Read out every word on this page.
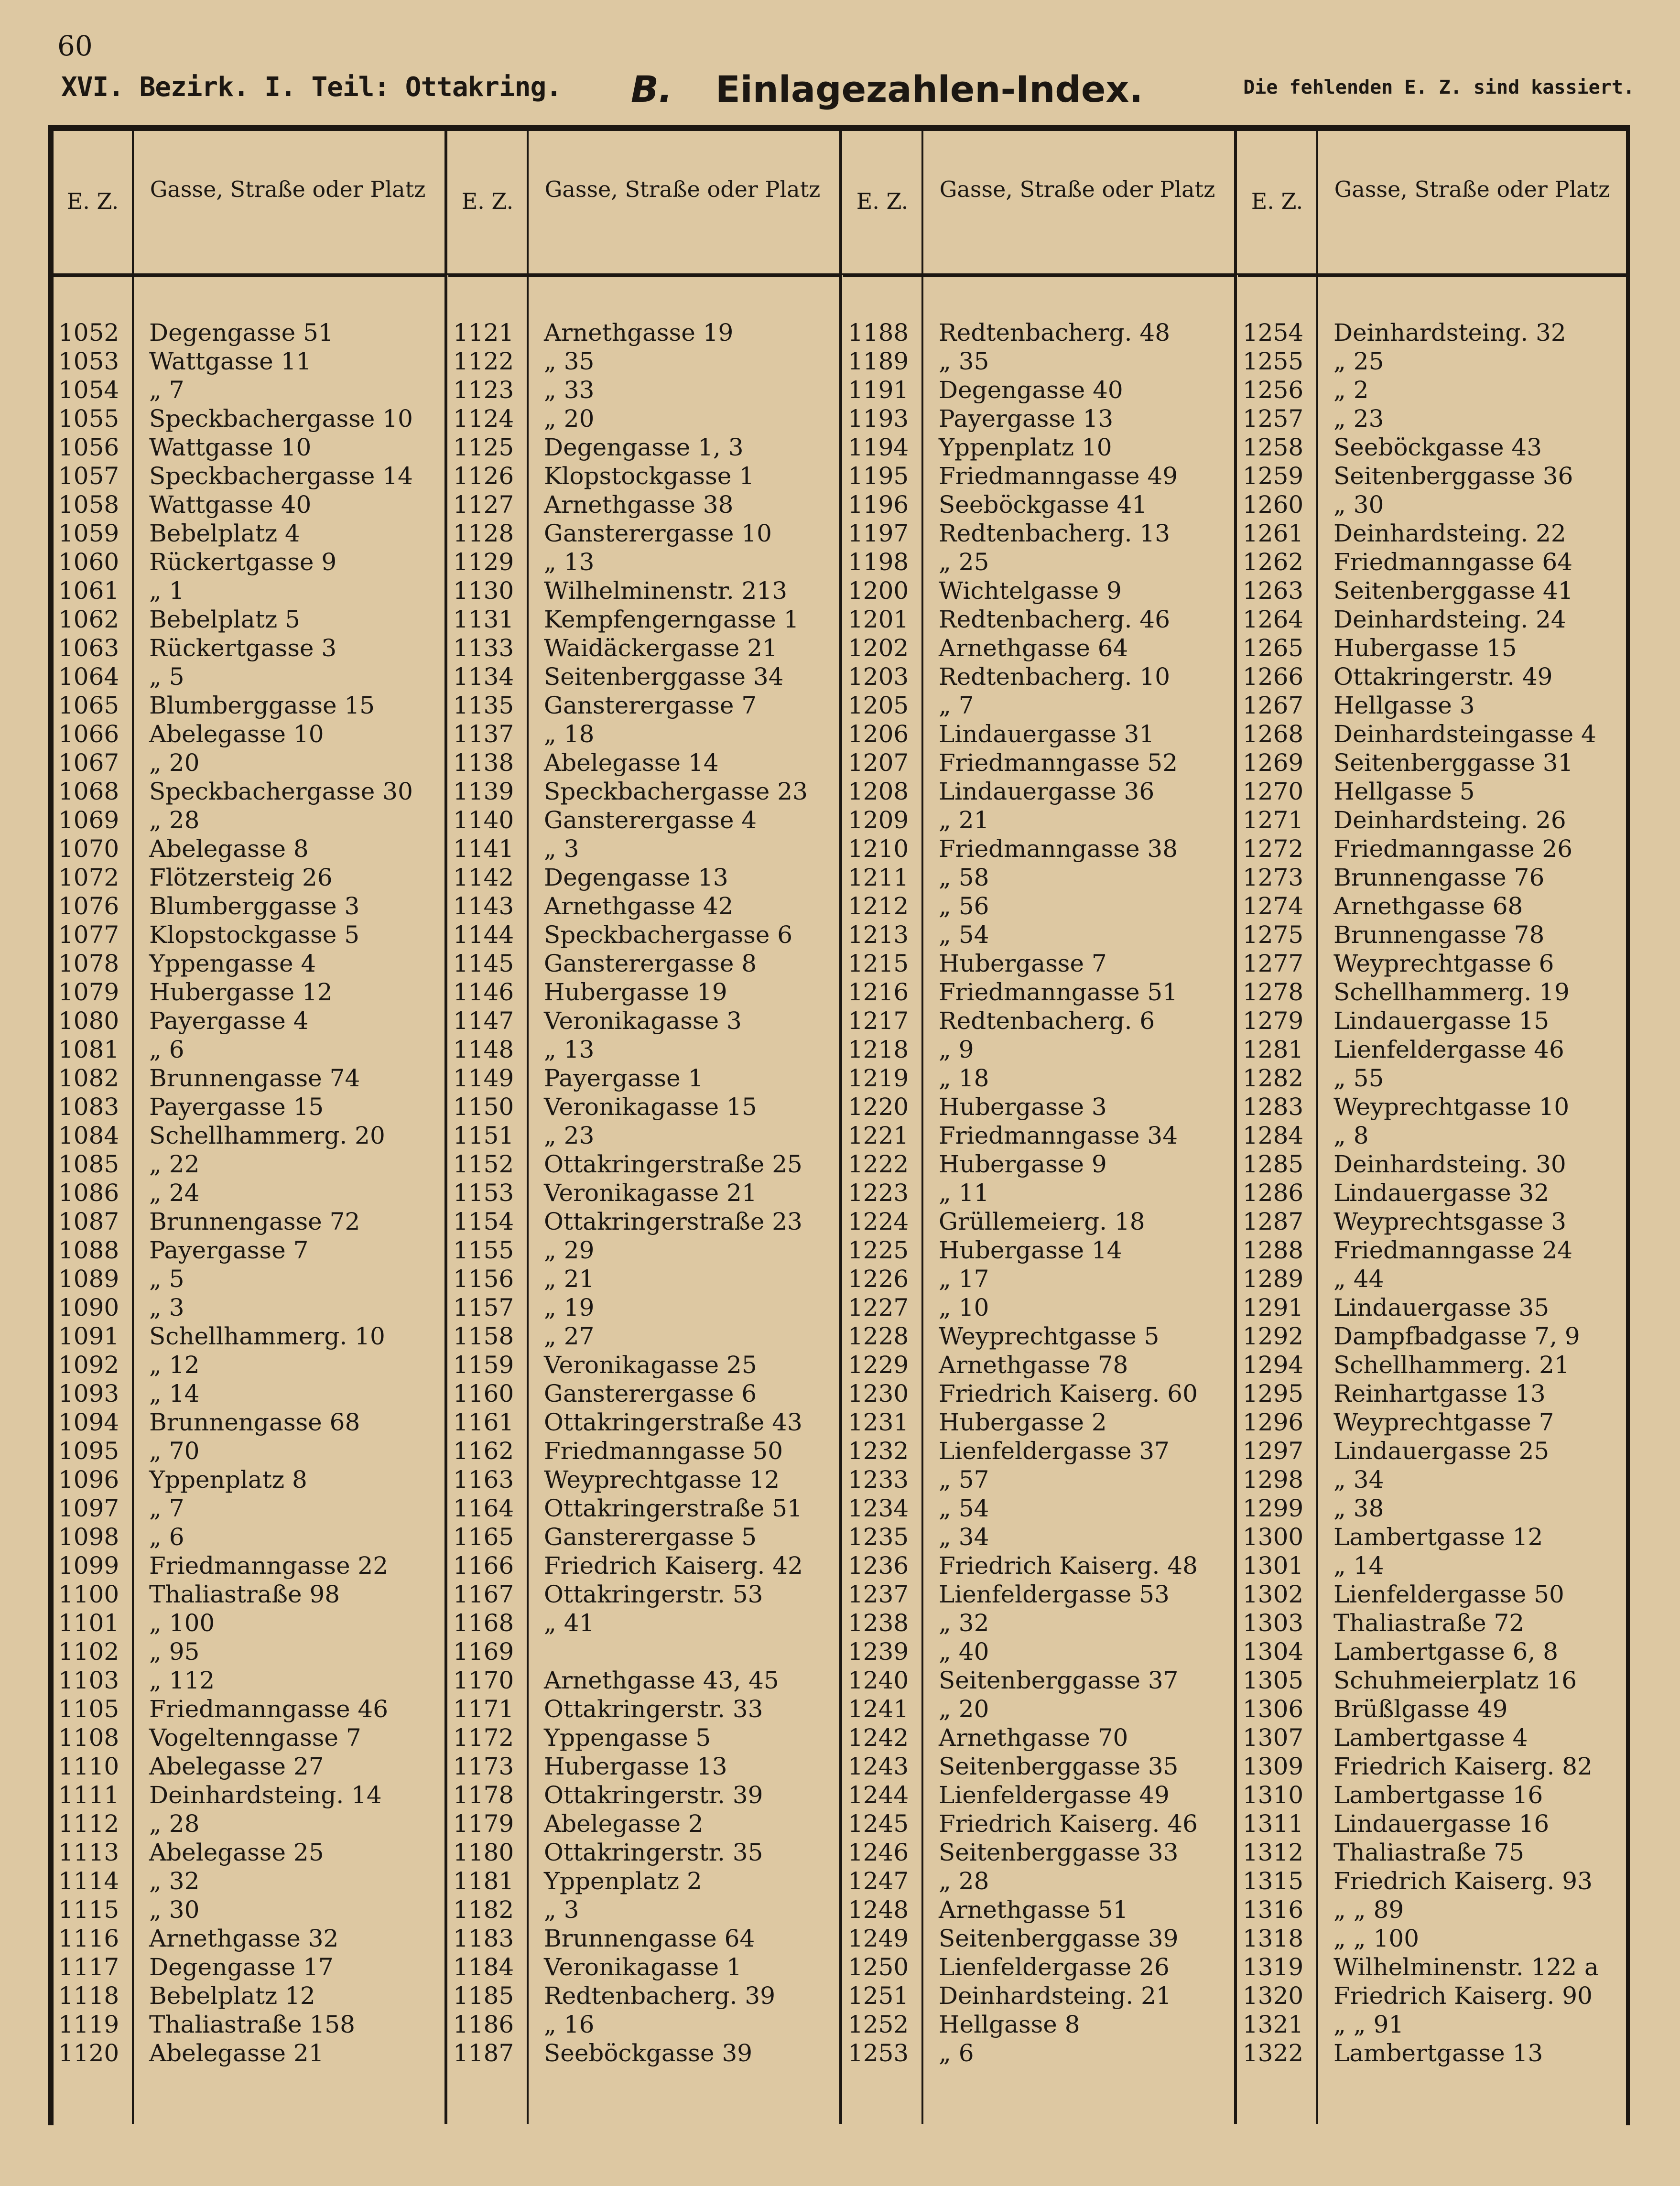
60
XVI. Bezirk. I. Teil: Ottakring. B. Einlagezahlen-Index.	Die fehlenden E. Z. sind kassiert.
E. Z.	Gasse, Straße oder Platz
1052	Degengasse 51
1053	Wattgasse 11
1054	„ 7
1055	Speckbachergasse 10
1056	Wattgasse 10
1057	Speckbachergasse 14
1058	Wattgasse 40
1059	Bebelplatz 4
1060	Rückertgasse 9
1061	„ 1
1062	Bebelplatz 5
1063	Rückertgasse 3
1064	„ 5
1065	Blumberggasse 15
1066	Abelegasse 10
1067	„ 20
1068	Speckbachergasse 30
1069	„ 28
1070	Abelegasse 8
1072	Flötzersteig 26
1076	Blumberggasse 3
1077	Klopstockgasse 5
1078	Yppengasse 4
1079	Hubergasse 12
1080	Payergasse 4
1081	„ 6
1082	Brunnengasse 74
1083	Payergasse 15
1084	Schellhammerg. 20
1085	„ 22
1086	„ 24
1087	Brunnengasse 72
1088	Payergasse 7
1089	„ 5
1090	„ 3
1091	Schellhammerg. 10
1092	„ 12
1093	„ 14
1094	Brunnengasse 68
1095	„ 70
1096	Yppenplatz 8
1097	„ 7
1098	„ 6
1099	Friedmanngasse 22
1100	Thaliastraße 98
1101	„ 100
1102	„ 95
1103	„ 112
1105	Friedmanngasse 46
1108	Vogeltenngasse 7
1110	Abelegasse 27
1111	Deinhardsteing. 14
1112	„ 28
1113	Abelegasse 25
1114	„ 32
1115	„ 30
1116	Arnethgasse 32
1117	Degengasse 17
1118	Bebelplatz 12
1119	Thaliastraße 158
1120	Abelegasse 21
E. Z.	Gasse, Straße oder Platz
1121	Arnethgasse 19
1122	„ 35
1123	„ 33
1124	„ 20
1125	Degengasse 1, 3
1126	Klopstockgasse 1
1127	Arnethgasse 38
1128	Gansterergasse 10
1129	„ 13
1130	Wilhelminenstr. 213
1131	Kempfengerngasse 1
1133	Waidäckergasse 21
1134	Seitenberggasse 34
1135	Gansterergasse 7
1137	„ 18
1138	Abelegasse 14
1139	Speckbachergasse 23
1140	Gansterergasse 4
1141	„ 3
1142	Degengasse 13
1143	Arnethgasse 42
1144	Speckbachergasse 6
1145	Gansterergasse 8
1146	Hubergasse 19
1147	Veronikagasse 3
1148	„ 13
1149	Payergasse 1
1150	Veronikagasse 15
1151	„ 23
1152	Ottakringerstraße 25
1153	Veronikagasse 21
1154	Ottakringerstraße 23
1155	„ 29
1156	„ 21
1157	„ 19
1158	„ 27
1159	Veronikagasse 25
1160	Gansterergasse 6
1161	Ottakringerstraße 43
1162	Friedmanngasse 50
1163	Weyprechtgasse 12
1164	Ottakringerstraße 51
1165	Gansterergasse 5
1166	Friedrich Kaiserg. 42
1167	Ottakringerstr. 53
1168	„ 41
1169
1170	Arnethgasse 43, 45
1171	Ottakringerstr. 33
1172	Yppengasse 5
1173	Hubergasse 13
1178	Ottakringerstr. 39
1179	Abelegasse 2
1180	Ottakringerstr. 35
1181	Yppenplatz 2
1182	„ 3
1183	Brunnengasse 64
1184	Veronikagasse 1
1185	Redtenbacherg. 39
1186	„ 16
1187	Seeböckgasse 39
E. Z.	Gasse, Straße oder Platz
1188	Redtenbacherg. 48
1189	„ 35
1191	Degengasse 40
1193	Payergasse 13
1194	Yppenplatz 10
1195	Friedmanngasse 49
1196	Seeböckgasse 41
1197	Redtenbacherg. 13
1198	„ 25
1200	Wichtelgasse 9
1201	Redtenbacherg. 46
1202	Arnethgasse 64
1203	Redtenbacherg. 10
1205	„ 7
1206	Lindauergasse 31
1207	Friedmanngasse 52
1208	Lindauergasse 36
1209	„ 21
1210	Friedmanngasse 38
1211	„ 58
1212	„ 56
1213	„ 54
1215	Hubergasse 7
1216	Friedmanngasse 51
1217	Redtenbacherg. 6
1218	„ 9
1219	„ 18
1220	Hubergasse 3
1221	Friedmanngasse 34
1222	Hubergasse 9
1223	„ 11
1224	Grüllemeierg. 18
1225	Hubergasse 14
1226	„ 17
1227	„ 10
1228	Weyprechtgasse 5
1229	Arnethgasse 78
1230	Friedrich Kaiserg. 60
1231	Hubergasse 2
1232	Lienfeldergasse 37
1233	„ 57
1234	„ 54
1235	„ 34
1236	Friedrich Kaiserg. 48
1237	Lienfeldergasse 53
1238	„ 32
1239	„ 40
1240	Seitenberggasse 37
1241	„ 20
1242	Arnethgasse 70
1243	Seitenberggasse 35
1244	Lienfeldergasse 49
1245	Friedrich Kaiserg. 46
1246	Seitenberggasse 33
1247	„ 28
1248	Arnethgasse 51
1249	Seitenberggasse 39
1250	Lienfeldergasse 26
1251	Deinhardsteing. 21
1252	Hellgasse 8
1253	„ 6
E. Z.	Gasse, Straße oder Platz
1254	Deinhardsteing. 32
1255	„ 25
1256	„ 2
1257	„ 23
1258	Seeböckgasse 43
1259	Seitenberggasse 36
1260	„ 30
1261	Deinhardsteing. 22
1262	Friedmanngasse 64
1263	Seitenberggasse 41
1264	Deinhardsteing. 24
1265	Hubergasse 15
1266	Ottakringerstr. 49
1267	Hellgasse 3
1268	Deinhardsteingasse 4
1269	Seitenberggasse 31
1270	Hellgasse 5
1271	Deinhardsteing. 26
1272	Friedmanngasse 26
1273	Brunnengasse 76
1274	Arnethgasse 68
1275	Brunnengasse 78
1277	Weyprechtgasse 6
1278	Schellhammerg. 19
1279	Lindauergasse 15
1281	Lienfeldergasse 46
1282	„ 55
1283	Weyprechtgasse 10
1284	„ 8
1285	Deinhardsteing. 30
1286	Lindauergasse 32
1287	Weyprechtsgasse 3
1288	Friedmanngasse 24
1289	„ 44
1291	Lindauergasse 35
1292	Dampfbadgasse 7, 9
1294	Schellhammerg. 21
1295	Reinhartgasse 13
1296	Weyprechtgasse 7
1297	Lindauergasse 25
1298	„ 34
1299	„ 38
1300	Lambertgasse 12
1301	„ 14
1302	Lienfeldergasse 50
1303	Thaliastraße 72
1304	Lambertgasse 6, 8
1305	Schuhmeierplatz 16
1306	Brüßlgasse 49
1307	Lambertgasse 4
1309	Friedrich Kaiserg. 82
1310	Lambertgasse 16
1311	Lindauergasse 16
1312	Thaliastraße 75
1315	Friedrich Kaiserg. 93
1316	„ „ 89
1318	„ „ 100
1319	Wilhelminenstr. 122 a
1320	Friedrich Kaiserg. 90
1321	„ „ 91
1322	Lambertgasse 13
